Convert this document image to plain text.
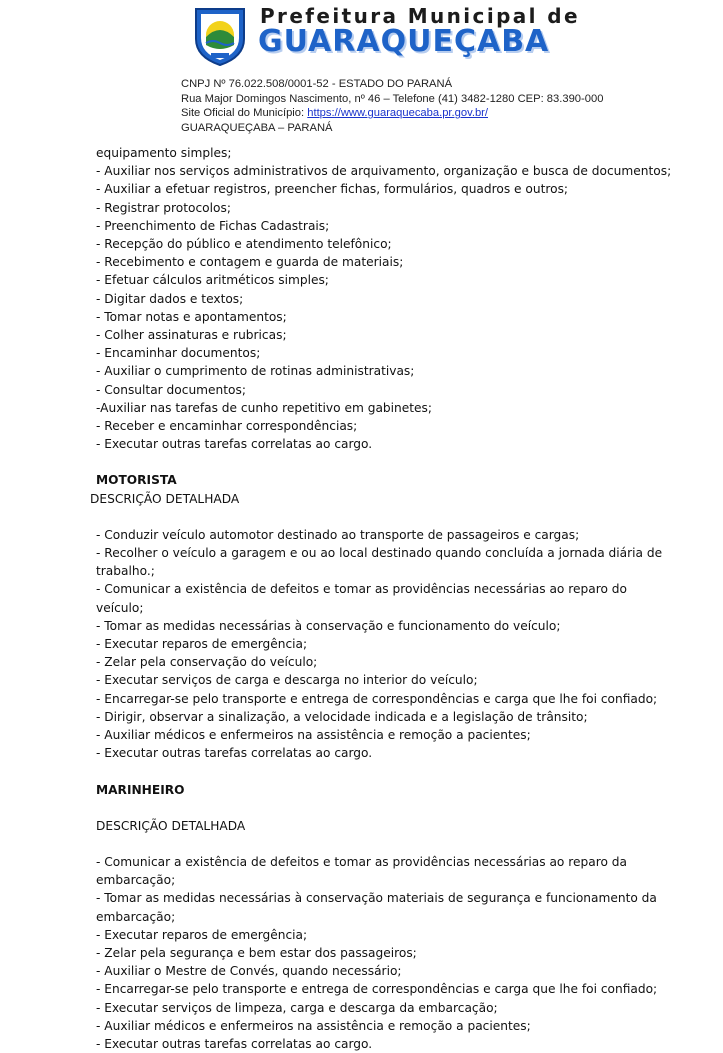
Prefeitura Municipal de
GUARAQUEÇABA
CNPJ Nº 76.022.508/0001-52 - ESTADO DO PARANÁ
Rua Major Domingos Nascimento, nº 46 – Telefone (41) 3482-1280 CEP: 83.390-000
Site Oficial do Município: https://www.guaraquecaba.pr.gov.br/
GUARAQUEÇABA – PARANÁ
equipamento simples;
- Auxiliar nos serviços administrativos de arquivamento, organização e busca de documentos;
- Auxiliar a efetuar registros, preencher fichas, formulários, quadros e outros;
- Registrar protocolos;
- Preenchimento de Fichas Cadastrais;
- Recepção do público e atendimento telefônico;
- Recebimento e contagem e guarda de materiais;
- Efetuar cálculos aritméticos simples;
- Digitar dados e textos;
- Tomar notas e apontamentos;
- Colher assinaturas e rubricas;
- Encaminhar documentos;
- Auxiliar o cumprimento de rotinas administrativas;
- Consultar documentos;
-Auxiliar nas tarefas de cunho repetitivo em gabinetes;
- Receber e encaminhar correspondências;
- Executar outras tarefas correlatas ao cargo.
MOTORISTA
DESCRIÇÃO DETALHADA
- Conduzir veículo automotor destinado ao transporte de passageiros e cargas;
- Recolher o veículo a garagem e ou ao local destinado quando concluída a jornada diária de trabalho.;
- Comunicar a existência de defeitos e tomar as providências necessárias ao reparo do veículo;
- Tomar as medidas necessárias à conservação e funcionamento do veículo;
- Executar reparos de emergência;
- Zelar pela conservação do veículo;
- Executar serviços de carga e descarga no interior do veículo;
- Encarregar-se pelo transporte e entrega de correspondências e carga que lhe foi confiado;
- Dirigir, observar a sinalização, a velocidade indicada e a legislação de trânsito;
- Auxiliar médicos e enfermeiros na assistência e remoção a pacientes;
- Executar outras tarefas correlatas ao cargo.
MARINHEIRO
DESCRIÇÃO DETALHADA
- Comunicar a existência de defeitos e tomar as providências necessárias ao reparo da embarcação;
- Tomar as medidas necessárias à conservação materiais de segurança e funcionamento da embarcação;
- Executar reparos de emergência;
- Zelar pela segurança e bem estar dos passageiros;
- Auxiliar o Mestre de Convés, quando necessário;
- Encarregar-se pelo transporte e entrega de correspondências e carga que lhe foi confiado;
- Executar serviços de limpeza, carga e descarga da embarcação;
- Auxiliar médicos e enfermeiros na assistência e remoção a pacientes;
- Executar outras tarefas correlatas ao cargo.
